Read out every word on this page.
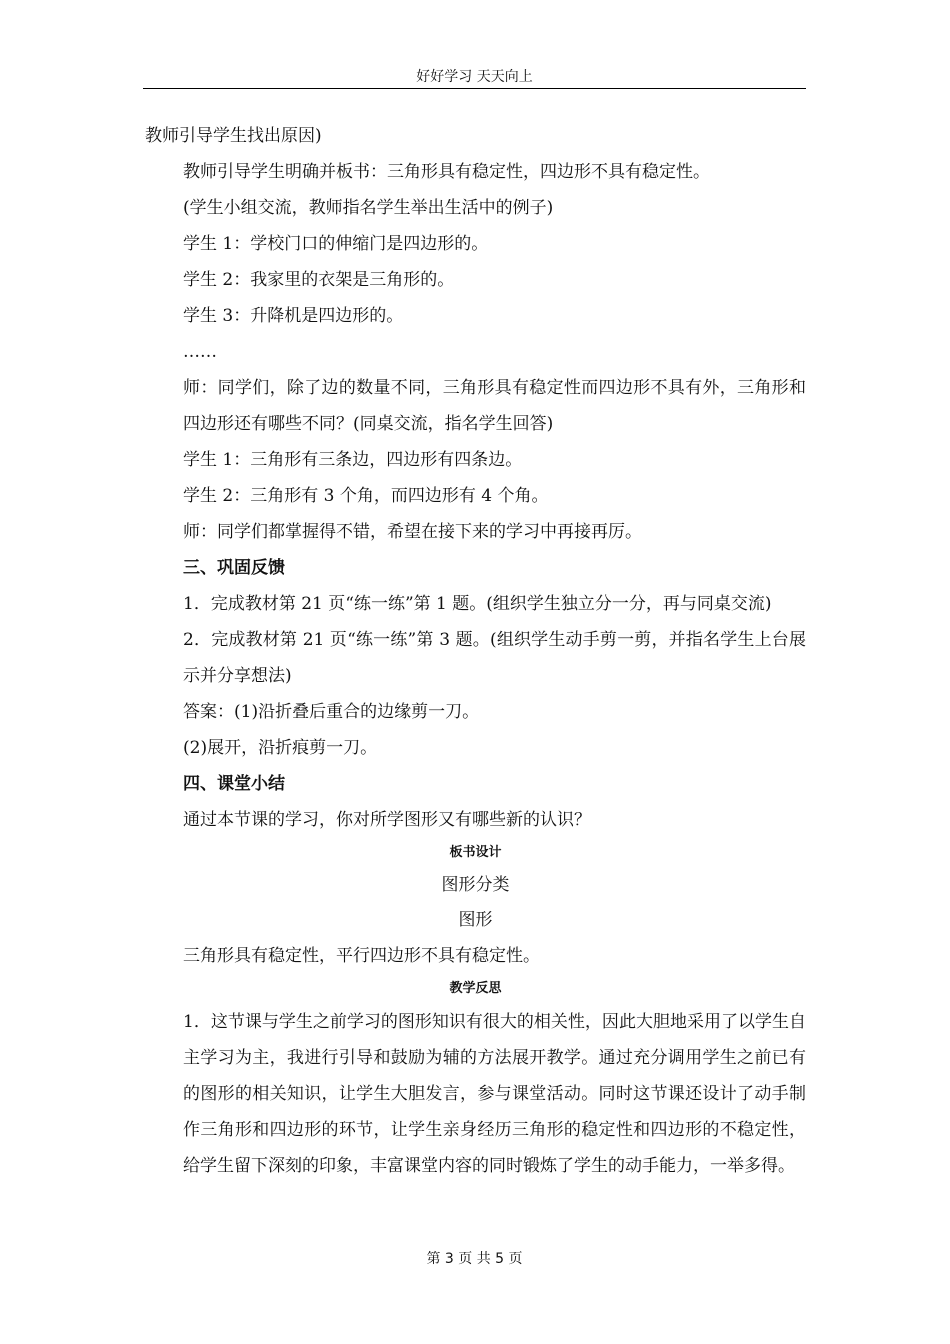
好好学习 天天向上

教师引导学生找出原因)

教师引导学生明确并板书：三角形具有稳定性，四边形不具有稳定性。

(学生小组交流，教师指名学生举出生活中的例子)

学生 1：学校门口的伸缩门是四边形的。

学生 2：我家里的衣架是三角形的。

学生 3：升降机是四边形的。

……

师：同学们，除了边的数量不同，三角形具有稳定性而四边形不具有外，三角形和四边形还有哪些不同？(同桌交流，指名学生回答)

学生 1：三角形有三条边，四边形有四条边。

学生 2：三角形有 3 个角，而四边形有 4 个角。

师：同学们都掌握得不错，希望在接下来的学习中再接再厉。

三、巩固反馈

1．完成教材第 21 页“练一练”第 1 题。(组织学生独立分一分，再与同桌交流)

2．完成教材第 21 页“练一练”第 3 题。(组织学生动手剪一剪，并指名学生上台展示并分享想法)

答案：(1)沿折叠后重合的边缘剪一刀。

(2)展开，沿折痕剪一刀。

四、课堂小结

通过本节课的学习，你对所学图形又有哪些新的认识？

板书设计

图形分类

图形

三角形具有稳定性，平行四边形不具有稳定性。

教学反思

1．这节课与学生之前学习的图形知识有很大的相关性，因此大胆地采用了以学生自主学习为主，我进行引导和鼓励为辅的方法展开教学。通过充分调用学生之前已有的图形的相关知识，让学生大胆发言，参与课堂活动。同时这节课还设计了动手制作三角形和四边形的环节，让学生亲身经历三角形的稳定性和四边形的不稳定性，给学生留下深刻的印象，丰富课堂内容的同时锻炼了学生的动手能力，一举多得。

第 3 页 共 5 页
